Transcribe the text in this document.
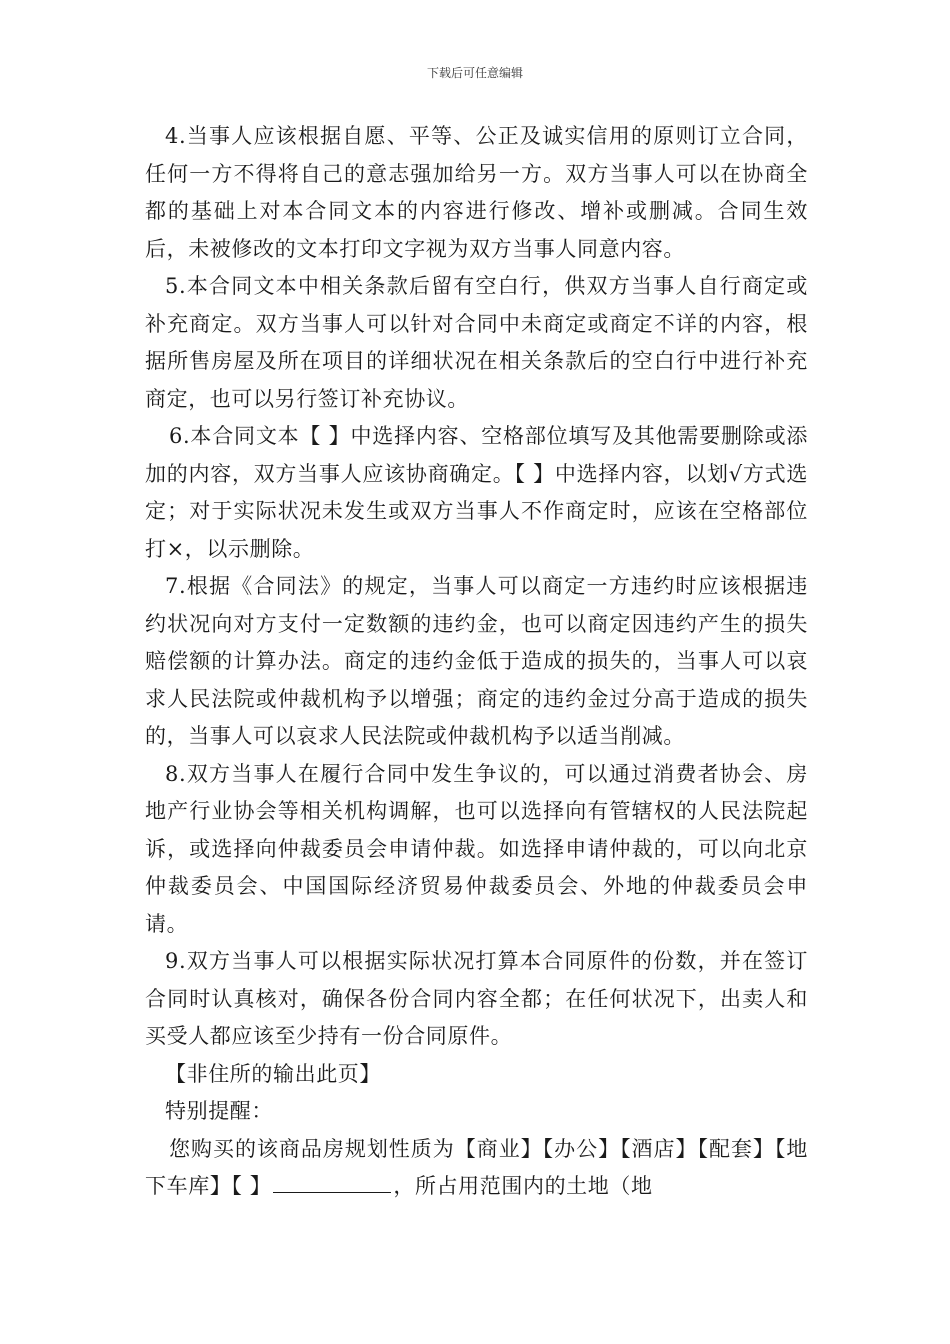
下载后可任意编辑

4.当事人应该根据自愿、平等、公正及诚实信用的原则订立合同，任何一方不得将自己的意志强加给另一方。双方当事人可以在协商全都的基础上对本合同文本的内容进行修改、增补或删减。合同生效后，未被修改的文本打印文字视为双方当事人同意内容。

5.本合同文本中相关条款后留有空白行，供双方当事人自行商定或补充商定。双方当事人可以针对合同中未商定或商定不详的内容，根据所售房屋及所在项目的详细状况在相关条款后的空白行中进行补充商定，也可以另行签订补充协议。

6.本合同文本【 】中选择内容、空格部位填写及其他需要删除或添加的内容，双方当事人应该协商确定。【 】中选择内容，以划√方式选定；对于实际状况未发生或双方当事人不作商定时，应该在空格部位打×，以示删除。

7.根据《合同法》的规定，当事人可以商定一方违约时应该根据违约状况向对方支付一定数额的违约金，也可以商定因违约产生的损失赔偿额的计算办法。商定的违约金低于造成的损失的，当事人可以哀求人民法院或仲裁机构予以增强；商定的违约金过分高于造成的损失的，当事人可以哀求人民法院或仲裁机构予以适当削减。

8.双方当事人在履行合同中发生争议的，可以通过消费者协会、房地产行业协会等相关机构调解，也可以选择向有管辖权的人民法院起诉，或选择向仲裁委员会申请仲裁。如选择申请仲裁的，可以向北京仲裁委员会、中国国际经济贸易仲裁委员会、外地的仲裁委员会申请。

9.双方当事人可以根据实际状况打算本合同原件的份数，并在签订合同时认真核对，确保各份合同内容全都；在任何状况下，出卖人和买受人都应该至少持有一份合同原件。

【非住所的输出此页】

特别提醒：

您购买的该商品房规划性质为【商业】【办公】【酒店】【配套】【地下车库】【 】	，所占用范围内的土地（地
